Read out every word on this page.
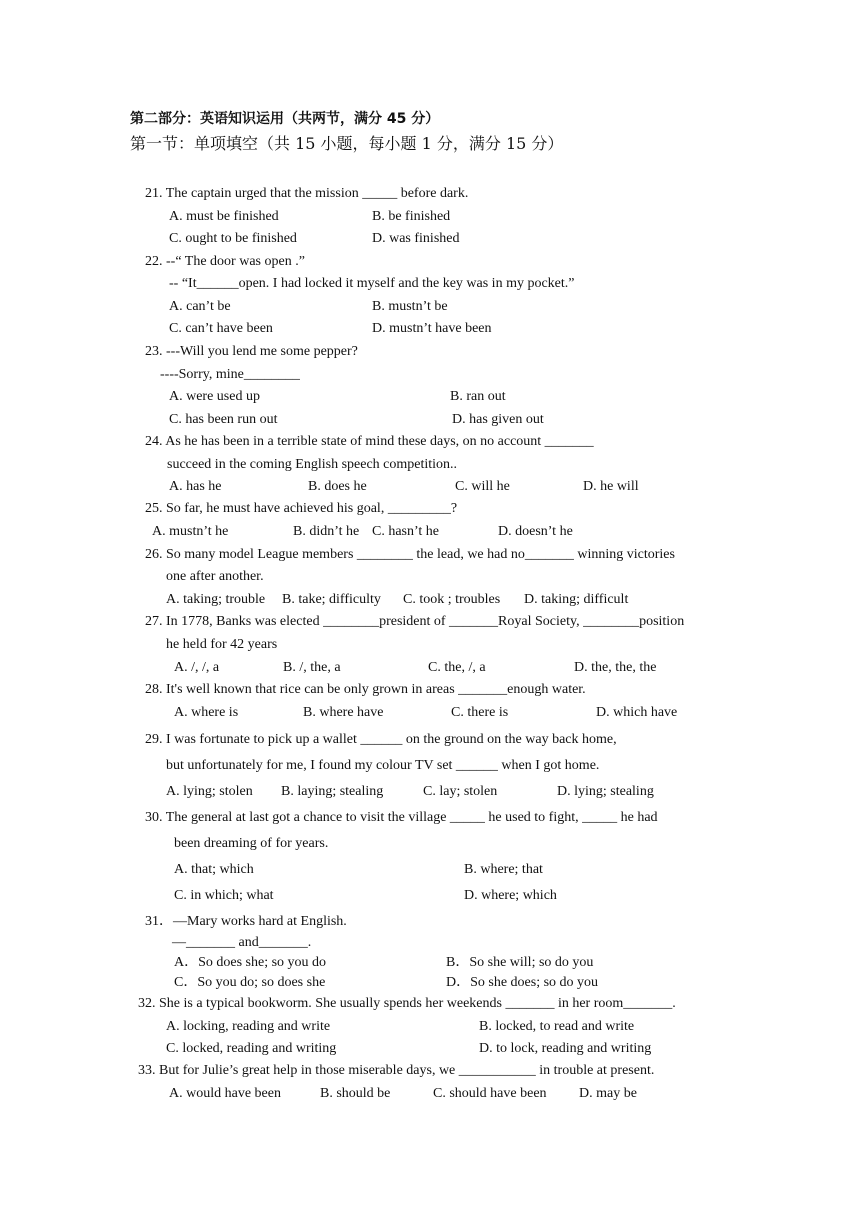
第二部分：英语知识运用（共两节，满分 45 分）
第一节：单项填空（共 15 小题，每小题 1 分，满分 15 分）
21. The captain urged that the mission _____ before dark.
A. must be finished	B. be finished
C. ought to be finished	D. was finished
22. --“ The door was open .”
-- “It______open. I had locked it myself and the key was in my pocket.”
A. can’t be	B. mustn’t be
C. can’t have been	D. mustn’t have been
23. ---Will you lend me some pepper?
----Sorry, mine________
A. were used up	B. ran out
C. has been run out	D. has given out
24. As he has been in a terrible state of mind these days, on no account _______
succeed in the coming English speech competition..
A. has he	B. does he	C. will he	D. he will
25. So far, he must have achieved his goal, _________?
A. mustn’t he	B. didn’t he C. hasn’t he	D. doesn’t he
26. So many model League members ________ the lead, we had no_______ winning victories
one after another.
A. taking; trouble B. take; difficulty C. took ; troubles D. taking; difficult
27. In 1778, Banks was elected ________president of _______Royal Society, ________position
he held for 42 years
A. /, /, a	B. /, the, a	C. the, /, a	D. the, the, the
28. It's well known that rice can be only grown in areas _______enough water.
A. where is	B. where have	C. there is	D. which have
29. I was fortunate to pick up a wallet ______ on the ground on the way back home,
but unfortunately for me, I found my colour TV set ______ when I got home.
A. lying; stolen B. laying; stealing	C. lay; stolen	D. lying; stealing
30. The general at last got a chance to visit the village _____ he used to fight, _____ he had
been dreaming of for years.
A. that; which	B. where; that
C. in which; what	D. where; which
31．—Mary works hard at English.
—_______ and_______.
A．So does she; so you do	B．So she will; so do you
C．So you do; so does she	D．So she does; so do you
32. She is a typical bookworm. She usually spends her weekends _______ in her room_______.
A. locking, reading and write	B. locked, to read and write
C. locked, reading and writing	D. to lock, reading and writing
33. But for Julie’s great help in those miserable days, we ___________ in trouble at present.
A. would have been	B. should be	C. should have been D. may be
